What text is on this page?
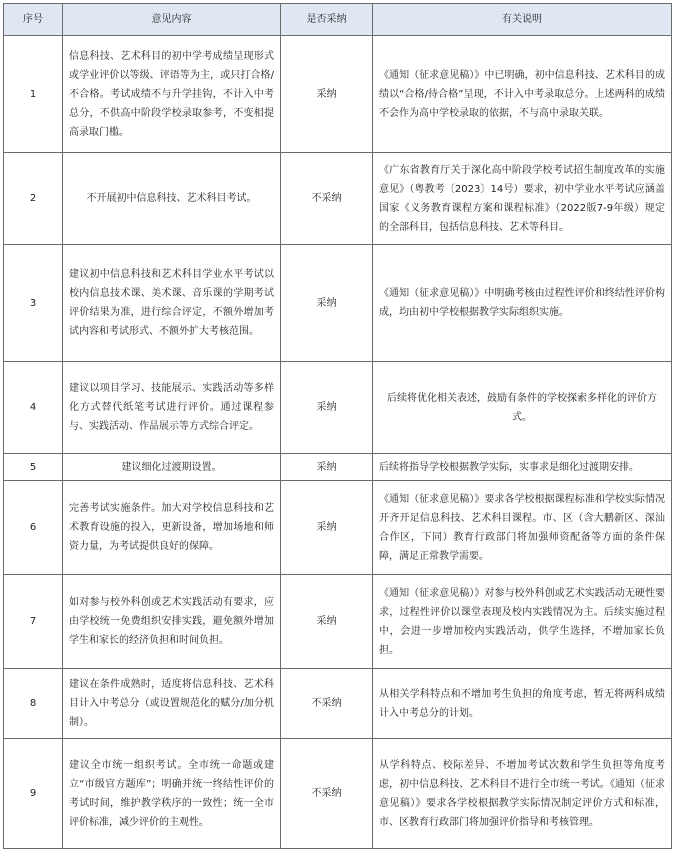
序号	意见内容	是否采纳	有关说明
1	信息科技、艺术科目的初中学考成绩呈现形式或学业评价以等级、评语等为主，或只打合格/不合格。考试成绩不与升学挂钩，不计入中考总分，不供高中阶段学校录取参考，不变相提高录取门槛。	采纳	《通知（征求意见稿）》中已明确，初中信息科技、艺术科目的成绩以“合格/待合格”呈现，不计入中考录取总分。上述两科的成绩不会作为高中学校录取的依据，不与高中录取关联。
2	不开展初中信息科技、艺术科目考试。	不采纳	《广东省教育厅关于深化高中阶段学校考试招生制度改革的实施意见》（粤教考〔2023〕14号）要求，初中学业水平考试应涵盖国家《义务教育课程方案和课程标准》（2022版7-9年级）规定的全部科目，包括信息科技、艺术等科目。
3	建议初中信息科技和艺术科目学业水平考试以校内信息技术课、美术课、音乐课的学期考试评价结果为准，进行综合评定，不额外增加考试内容和考试形式、不额外扩大考核范围。	采纳	《通知（征求意见稿）》中明确考核由过程性评价和终结性评价构成，均由初中学校根据教学实际组织实施。
4	建议以项目学习、技能展示、实践活动等多样化方式替代纸笔考试进行评价。通过课程参与、实践活动、作品展示等方式综合评定。	采纳	后续将优化相关表述，鼓励有条件的学校探索多样化的评价方式。
5	建议细化过渡期设置。	采纳	后续将指导学校根据教学实际，实事求是细化过渡期安排。
6	完善考试实施条件。加大对学校信息科技和艺术教育设施的投入，更新设备，增加场地和师资力量，为考试提供良好的保障。	采纳	《通知（征求意见稿）》要求各学校根据课程标准和学校实际情况开齐开足信息科技、艺术科目课程。市、区（含大鹏新区、深汕合作区，下同）教育行政部门将加强师资配备等方面的条件保障，满足正常教学需要。
7	如对参与校外科创或艺术实践活动有要求，应由学校统一免费组织安排实践，避免额外增加学生和家长的经济负担和时间负担。	采纳	《通知（征求意见稿）》对参与校外科创或艺术实践活动无硬性要求，过程性评价以课堂表现及校内实践情况为主。后续实施过程中，会进一步增加校内实践活动，供学生选择，不增加家长负担。
8	建议在条件成熟时，适度将信息科技、艺术科目计入中考总分（或设置规范化的赋分/加分机制）。	不采纳	从相关学科特点和不增加考生负担的角度考虑，暂无将两科成绩计入中考总分的计划。
9	建议全市统一组织考试。全市统一命题或建立“市级官方题库”；明确并统一终结性评价的考试时间，维护教学秩序的一致性；统一全市评价标准，减少评价的主观性。	不采纳	从学科特点、校际差异、不增加考试次数和学生负担等角度考虑，初中信息科技、艺术科目不进行全市统一考试。《通知（征求意见稿）》要求各学校根据教学实际情况制定评价方式和标准，市、区教育行政部门将加强评价指导和考核管理。
